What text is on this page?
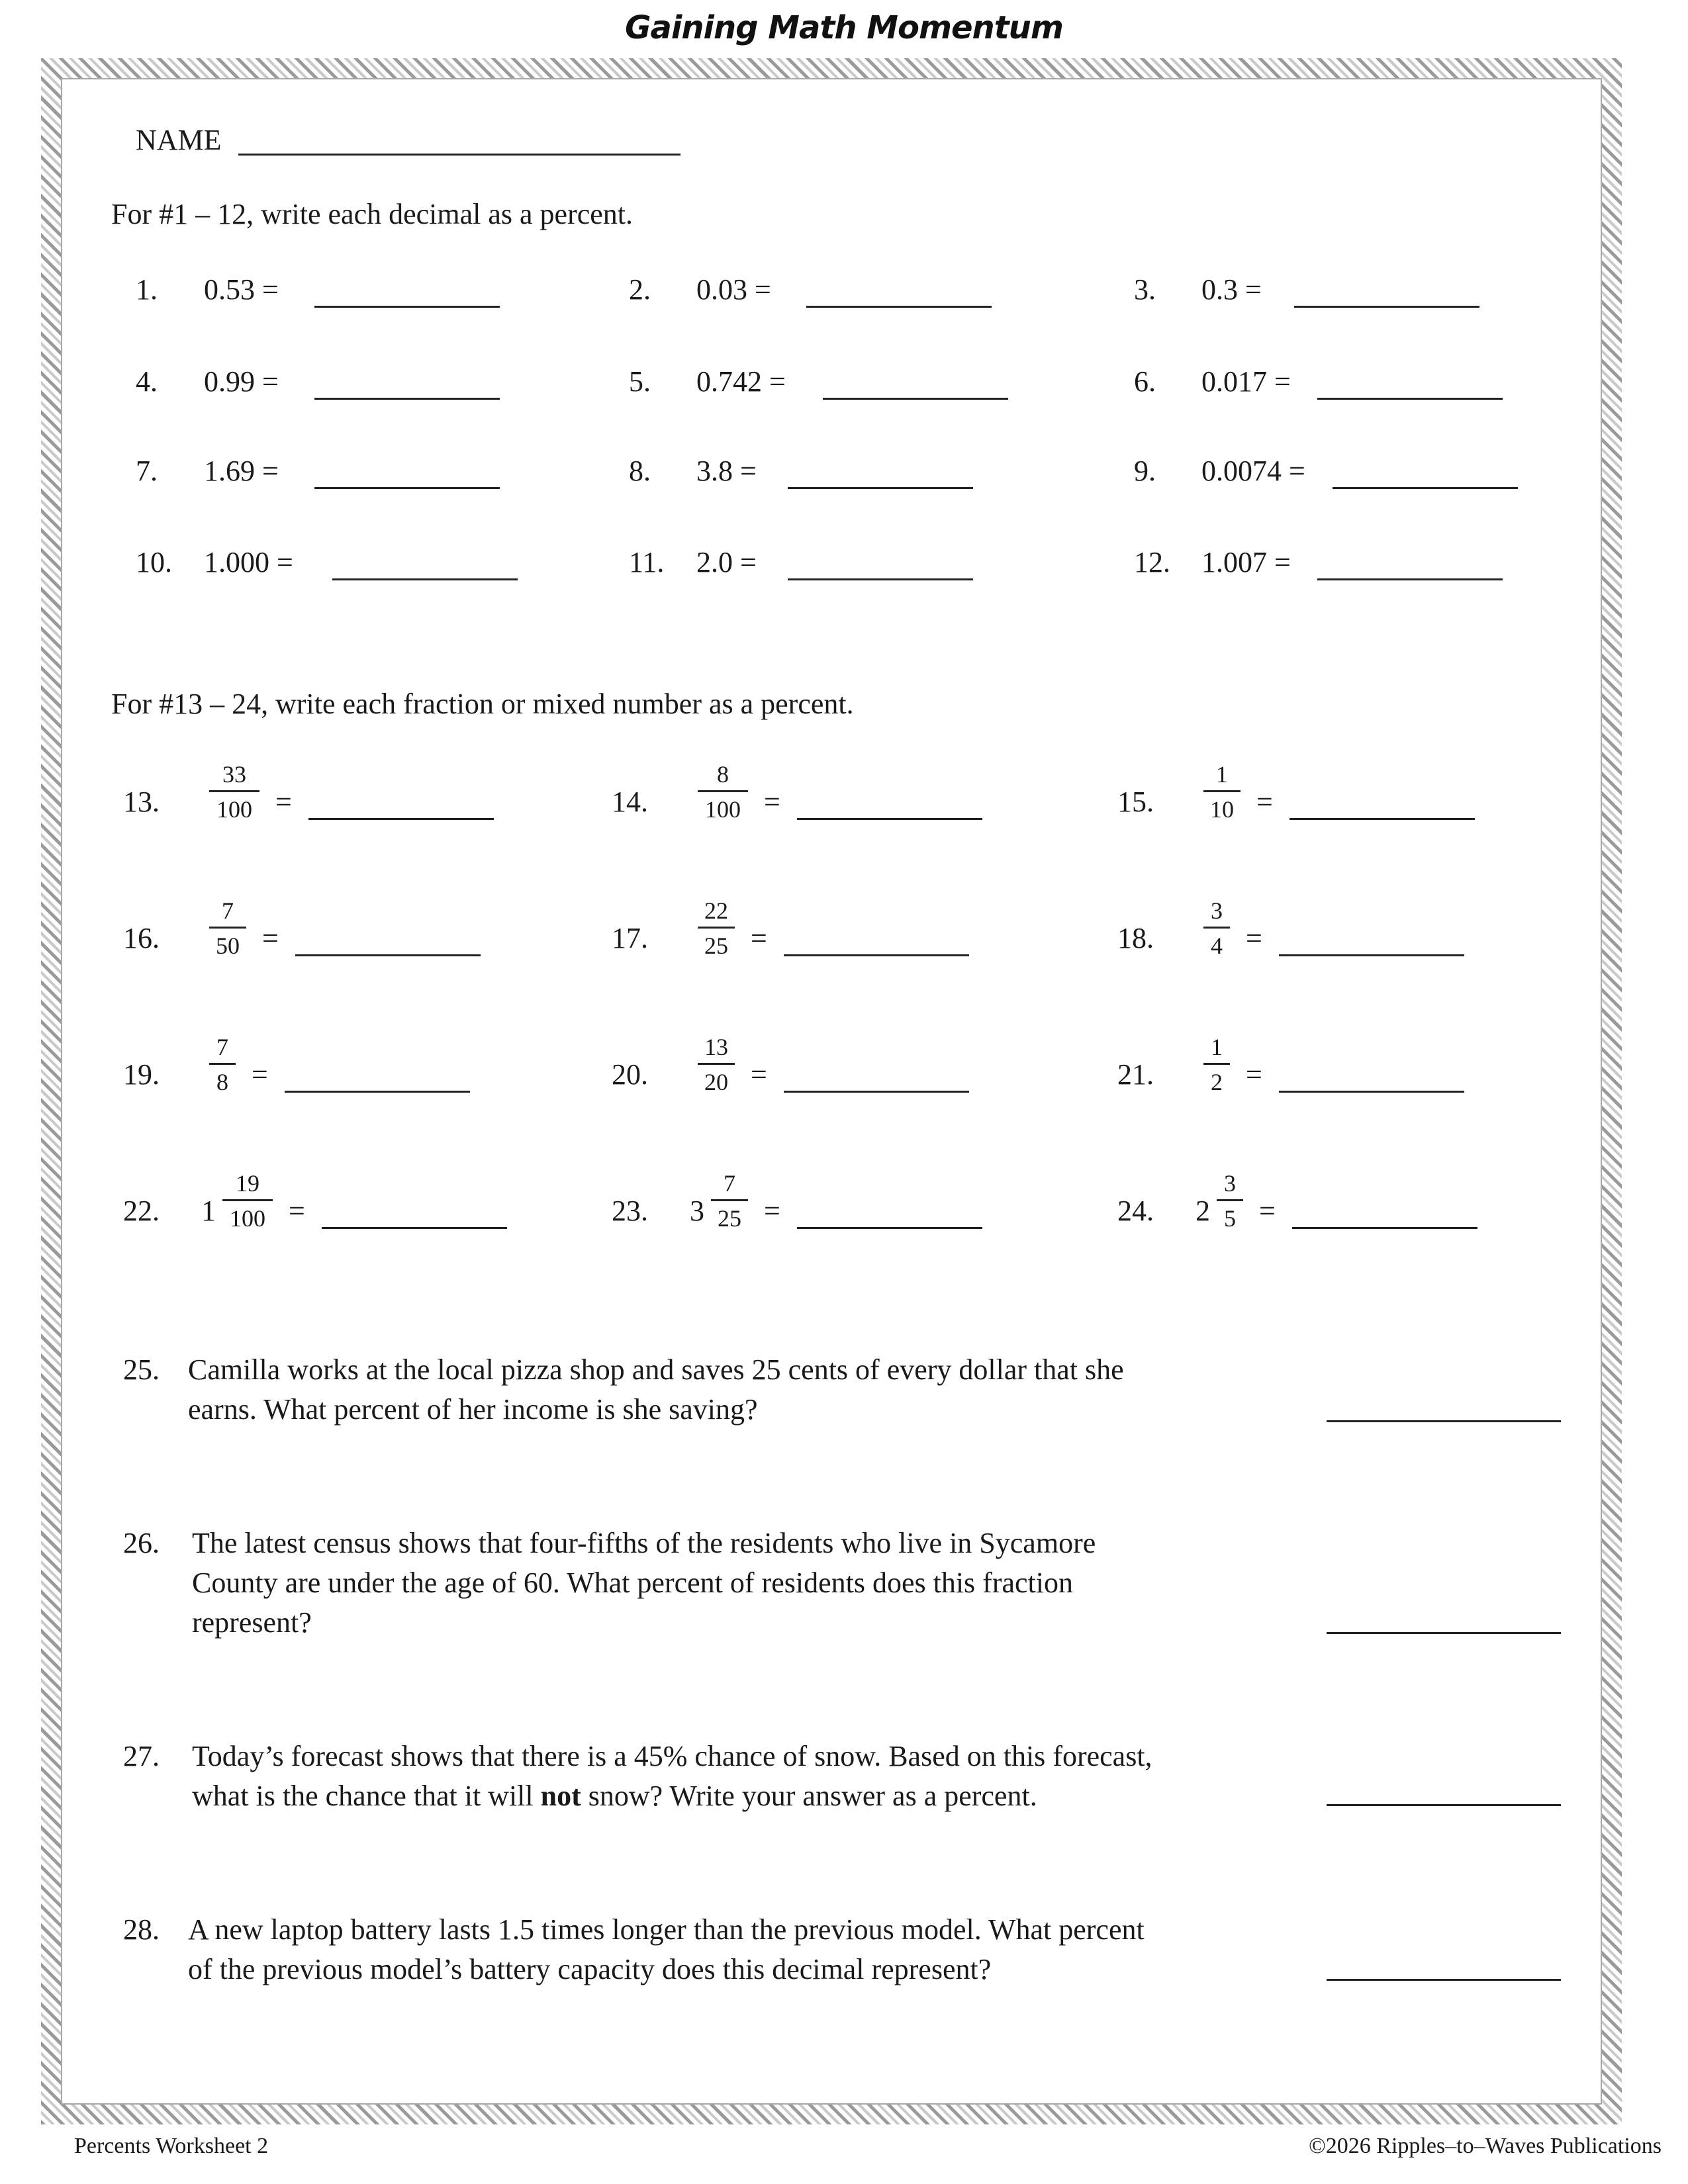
Gaining Math Momentum
NAME
For #1 – 12, write each decimal as a percent.
1. 0.53 =	2. 0.03 =	3. 0.3 =
4. 0.99 =	5. 0.742 =	6. 0.017 =
7. 1.69 =	8. 3.8 =	9. 0.0074 =
10. 1.000 =	11. 2.0 =	12. 1.007 =
For #13 – 24, write each fraction or mixed number as a percent.
13.
33
100 =	14.
8
100 =	15.
1
10 =
16.
7
50 =	17.
22
25 =	18.
3
4 =
19.
7
8 =	20.
13
20 =	21.
1
2 =
22. 1
19
100 =	23. 3
7
25 =	24. 2
3
5 =
25. Camilla works at the local pizza shop and saves 25 cents of every dollar that she
earns. What percent of her income is she saving?
26. The latest census shows that four-fifths of the residents who live in Sycamore
County are under the age of 60. What percent of residents does this fraction
represent?
27. Today’s forecast shows that there is a 45% chance of snow. Based on this forecast,
what is the chance that it will not snow? Write your answer as a percent.
28. A new laptop battery lasts 1.5 times longer than the previous model. What percent
of the previous model’s battery capacity does this decimal represent?
Percents Worksheet 2	©2026 Ripples–to–Waves Publications
